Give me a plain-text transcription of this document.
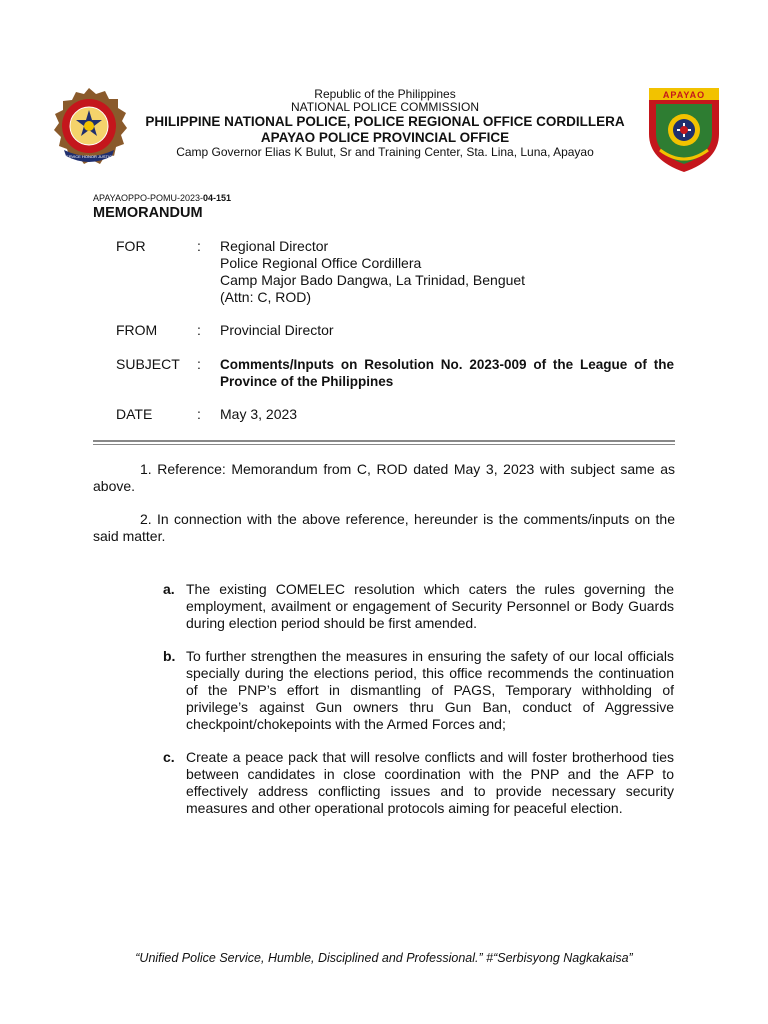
SERVICE HONOR JUSTICE
APAYAO
Republic of the Philippines
NATIONAL POLICE COMMISSION
PHILIPPINE NATIONAL POLICE, POLICE REGIONAL OFFICE CORDILLERA
APAYAO POLICE PROVINCIAL OFFICE
Camp Governor Elias K Bulut, Sr and Training Center, Sta. Lina, Luna, Apayao
APAYAOPPO-POMU-2023-04-151
MEMORANDUM
FOR	: Regional Director
Police Regional Office Cordillera
Camp Major Bado Dangwa, La Trinidad, Benguet
(Attn: C, ROD)
FROM	: Provincial Director
SUBJECT : Comments/Inputs on Resolution No. 2023-009 of the League of the Province of the Philippines
DATE	: May 3, 2023
1. Reference: Memorandum from C, ROD dated May 3, 2023 with subject same as above.
2. In connection with the above reference, hereunder is the comments/inputs on the said matter.
a. The existing COMELEC resolution which caters the rules governing the employment, availment or engagement of Security Personnel or Body Guards during election period should be first amended.
b. To further strengthen the measures in ensuring the safety of our local officials specially during the elections period, this office recommends the continuation of the PNP’s effort in dismantling of PAGS, Temporary withholding of privilege’s against Gun owners thru Gun Ban, conduct of Aggressive checkpoint/chokepoints with the Armed Forces and;
c. Create a peace pack that will resolve conflicts and will foster brotherhood ties between candidates in close coordination with the PNP and the AFP to effectively address conflicting issues and to provide necessary security measures and other operational protocols aiming for peaceful election.
“Unified Police Service, Humble, Disciplined and Professional.” #“Serbisyong Nagkakaisa”
